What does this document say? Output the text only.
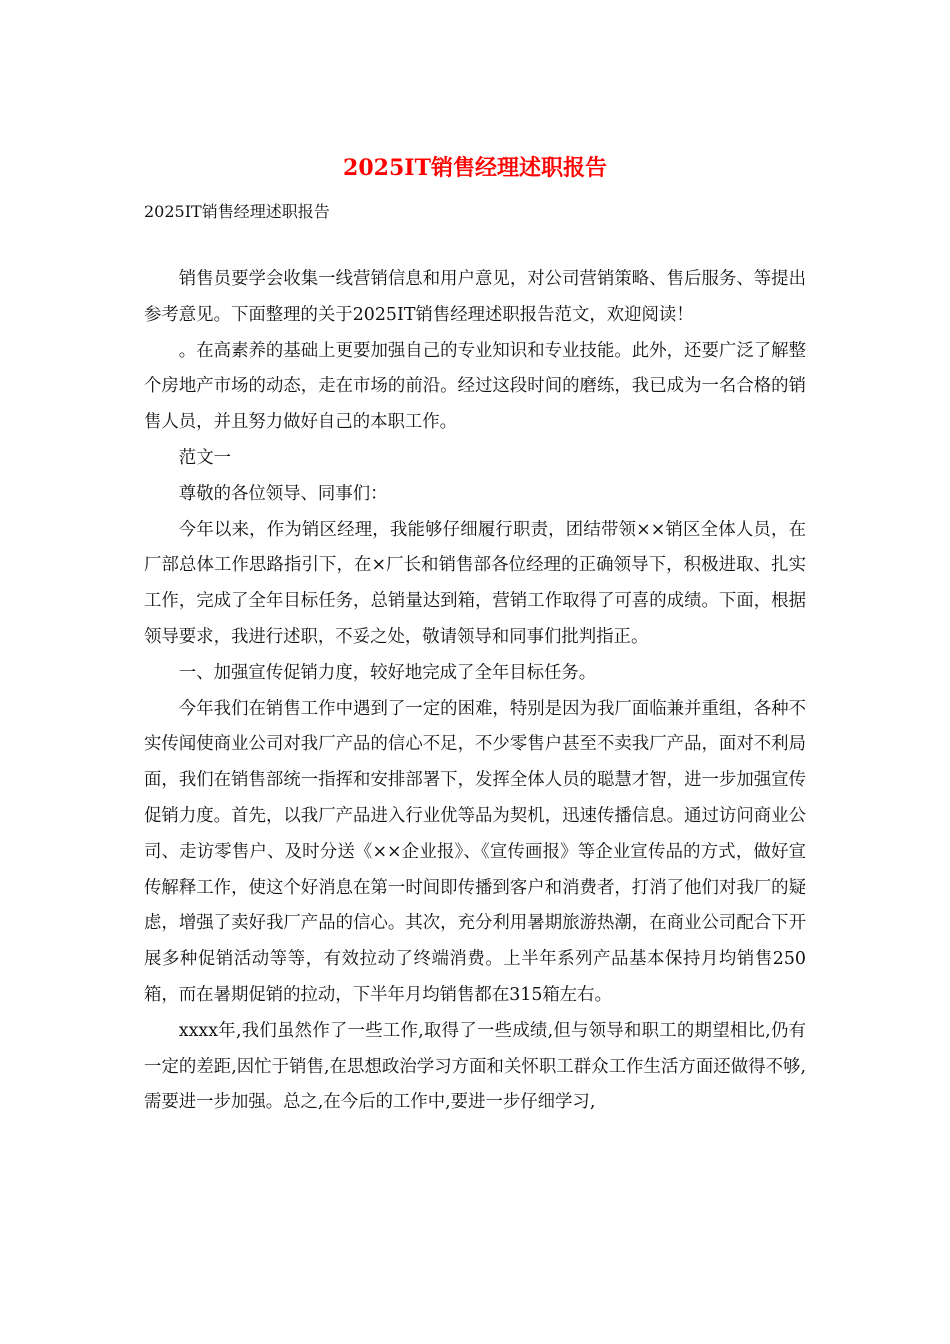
2025IT销售经理述职报告
2025IT销售经理述职报告

销售员要学会收集一线营销信息和用户意见，对公司营销策略、售后服务、等提出参考意见。下面整理的关于2025IT销售经理述职报告范文，欢迎阅读！

。在高素养的基础上更要加强自己的专业知识和专业技能。此外，还要广泛了解整个房地产市场的动态，走在市场的前沿。经过这段时间的磨练，我已成为一名合格的销售人员，并且努力做好自己的本职工作。

范文一

尊敬的各位领导、同事们：

今年以来，作为销区经理，我能够仔细履行职责，团结带领××销区全体人员，在厂部总体工作思路指引下，在×厂长和销售部各位经理的正确领导下，积极进取、扎实工作，完成了全年目标任务，总销量达到箱，营销工作取得了可喜的成绩。下面，根据领导要求，我进行述职，不妥之处，敬请领导和同事们批判指正。

一、加强宣传促销力度，较好地完成了全年目标任务。

今年我们在销售工作中遇到了一定的困难，特别是因为我厂面临兼并重组，各种不实传闻使商业公司对我厂产品的信心不足，不少零售户甚至不卖我厂产品，面对不利局面，我们在销售部统一指挥和安排部署下，发挥全体人员的聪慧才智，进一步加强宣传促销力度。首先，以我厂产品进入行业优等品为契机，迅速传播信息。通过访问商业公司、走访零售户、及时分送《××企业报》、《宣传画报》等企业宣传品的方式，做好宣传解释工作，使这个好消息在第一时间即传播到客户和消费者，打消了他们对我厂的疑虑，增强了卖好我厂产品的信心。其次，充分利用暑期旅游热潮，在商业公司配合下开展多种促销活动等等，有效拉动了终端消费。上半年系列产品基本保持月均销售250箱，而在暑期促销的拉动，下半年月均销售都在315箱左右。

xxxx年,我们虽然作了一些工作,取得了一些成绩,但与领导和职工的期望相比,仍有一定的差距,因忙于销售,在思想政治学习方面和关怀职工群众工作生活方面还做得不够,需要进一步加强。总之,在今后的工作中,要进一步仔细学习,
